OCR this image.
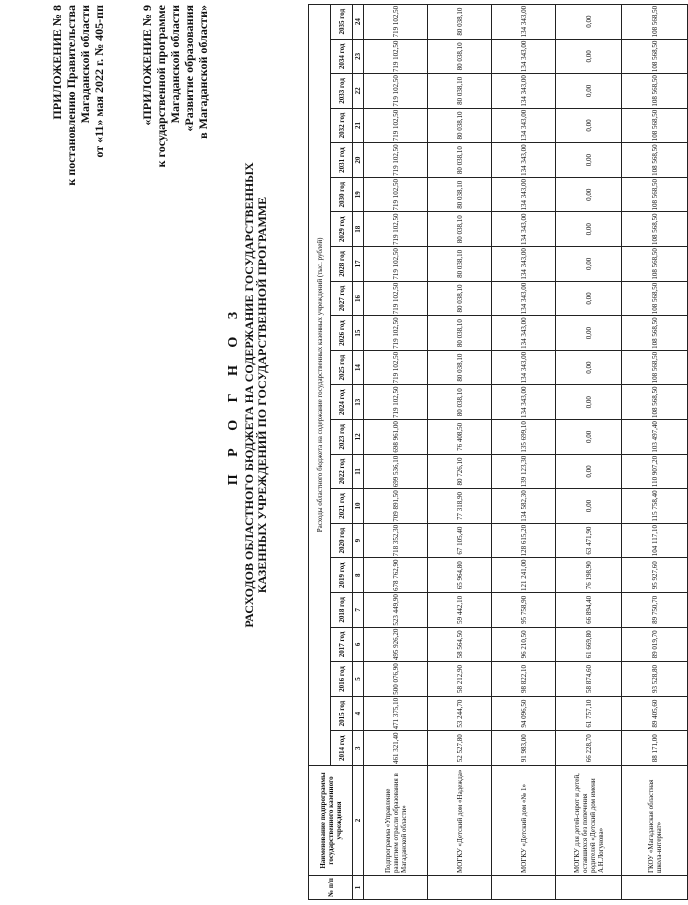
ПРИЛОЖЕНИЕ № 8 к постановлению Правительства Магаданской области от «11» мая 2022 г. № 405-пп	«ПРИЛОЖЕНИЕ № 9 к государственной программе Магаданской области «Развитие образования в Магаданской области»
П Р О Г Н О З РАСХОДОВ ОБЛАСТНОГО БЮДЖЕТА НА СОДЕРЖАНИЕ ГОСУДАРСТВЕННЫХ КАЗЕННЫХ УЧРЕЖДЕНИЙ ПО ГОСУДАРСТВЕННОЙ ПРОГРАММЕ
№ п/п	Наименование подпрограммы государственного казенного учреждения	Расходы областного бюджета на содержание государственных казенных учреждений (тыс. рублей)																					
		2014 год	2015 год	2016 год	2017 год	2018 год	2019 год	2020 год	2021 год	2022 год	2023 год	2024 год	2025 год	2026 год	2027 год	2028 год	2029 год	2030 год	2031 год	2032 год	2033 год	2034 год	2035 год
1	2	3	4	5	6	7	8	9	10	11	12	13	14	15	16	17	18	19	20	21	22	23	24
	Подпрограмма «Управление развитием отрасли образования в Магаданской области»	461 321,40	471 375,10	500 076,90	495 926,20	523 449,90	678 762,90	718 352,30	709 891,50	699 536,10	698 961,00	719 102,50	719 102,50	719 102,50	719 102,50	719 102,50	719 102,50	719 102,50	719 102,50	719 102,50	719 102,50	719 102,50	719 102,50
	МОГКУ «Детский дом «Надежда»	52 527,80	53 244,70	58 212,90	58 564,50	59 442,10	65 964,80	67 105,40	77 318,90	80 726,10	76 408,50	80 038,10	80 038,10	80 038,10	80 038,10	80 038,10	80 038,10	80 038,10	80 038,10	80 038,10	80 038,10	80 038,10	80 038,10
	МОГКУ «Детский дом «№ 1»	91 983,00	94 096,50	98 822,10	96 210,50	95 758,90	121 241,00	128 615,20	134 582,30	139 123,30	135 699,10	134 343,00	134 343,00	134 343,00	134 343,00	134 343,00	134 343,00	134 343,00	134 343,00	134 343,00	134 343,00	134 343,00	134 343,00
	МОГКУ для детей-сирот и детей, оставшихся без попечения родителей «Детский дом имени А.Н.Логунова»	66 228,70	61 757,10	58 874,60	61 669,80	66 894,40	76 198,90	63 471,90	0,00	0,00	0,00	0,00	0,00	0,00	0,00	0,00	0,00	0,00	0,00	0,00	0,00	0,00	0,00
	ГКОУ «Магаданская областная школа-интернат»	88 171,00	89 405,60	93 528,80	89 019,70	89 750,70	95 927,60	104 117,10	115 758,40	110 907,20	103 497,40	108 568,50	108 568,50	108 568,50	108 568,50	108 568,50	108 568,50	108 568,50	108 568,50	108 568,50	108 568,50	108 568,50	108 568,50
